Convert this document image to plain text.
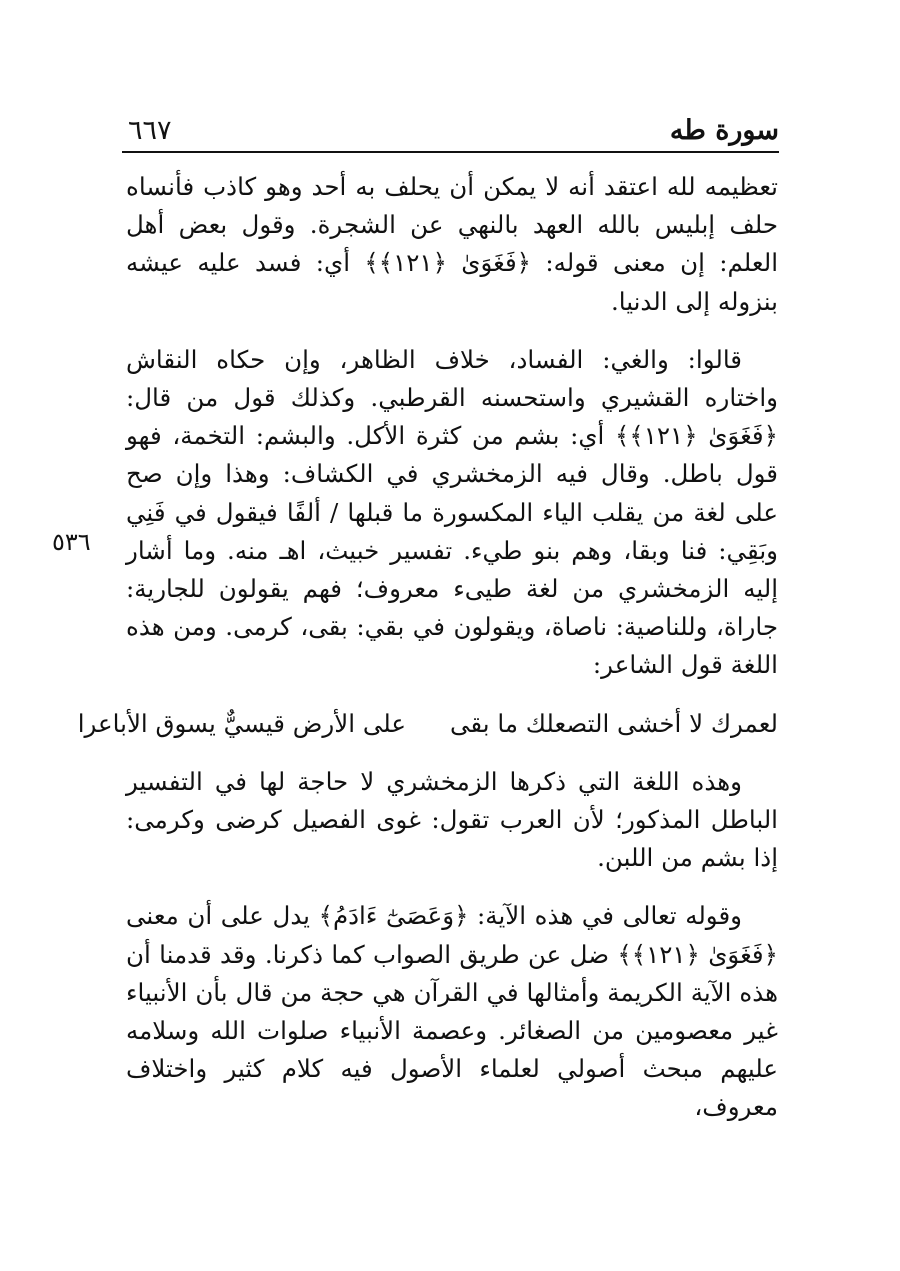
سورة طه
٦٦٧
٥٣٦

تعظيمه لله اعتقد أنه لا يمكن أن يحلف به أحد وهو كاذب فأنساه حلف إبليس بالله العهد بالنهي عن الشجرة. وقول بعض أهل العلم: إن معنى قوله: ﴿فَغَوَىٰ ﴿١٢١﴾﴾ أي: فسد عليه عيشه بنزوله إلى الدنيا.

قالوا: والغي: الفساد، خلاف الظاهر، وإن حكاه النقاش واختاره القشيري واستحسنه القرطبي. وكذلك قول من قال: ﴿فَغَوَىٰ ﴿١٢١﴾﴾ أي: بشم من كثرة الأكل. والبشم: التخمة، فهو قول باطل. وقال فيه الزمخشري في الكشاف: وهذا وإن صح على لغة من يقلب الياء المكسورة ما قبلها / ألفًا فيقول في فَنِي وبَقِي: فنا وبقا، وهم بنو طيء. تفسير خبيث، اهـ منه. وما أشار إليه الزمخشري من لغة طيىء معروف؛ فهم يقولون للجارية: جاراة، وللناصية: ناصاة، ويقولون في بقي: بقى، كرمى. ومن هذه اللغة قول الشاعر:

لعمرك لا أخشى التصعلك ما بقى
على الأرض قيسيٌّ يسوق الأباعرا

وهذه اللغة التي ذكرها الزمخشري لا حاجة لها في التفسير الباطل المذكور؛ لأن العرب تقول: غوى الفصيل كرضى وكرمى: إذا بشم من اللبن.

وقوله تعالى في هذه الآية: ﴿وَعَصَىٰٓ ءَادَمُ﴾ يدل على أن معنى ﴿فَغَوَىٰ ﴿١٢١﴾﴾ ضل عن طريق الصواب كما ذكرنا. وقد قدمنا أن هذه الآية الكريمة وأمثالها في القرآن هي حجة من قال بأن الأنبياء غير معصومين من الصغائر. وعصمة الأنبياء صلوات الله وسلامه عليهم مبحث أصولي لعلماء الأصول فيه كلام كثير واختلاف معروف،
